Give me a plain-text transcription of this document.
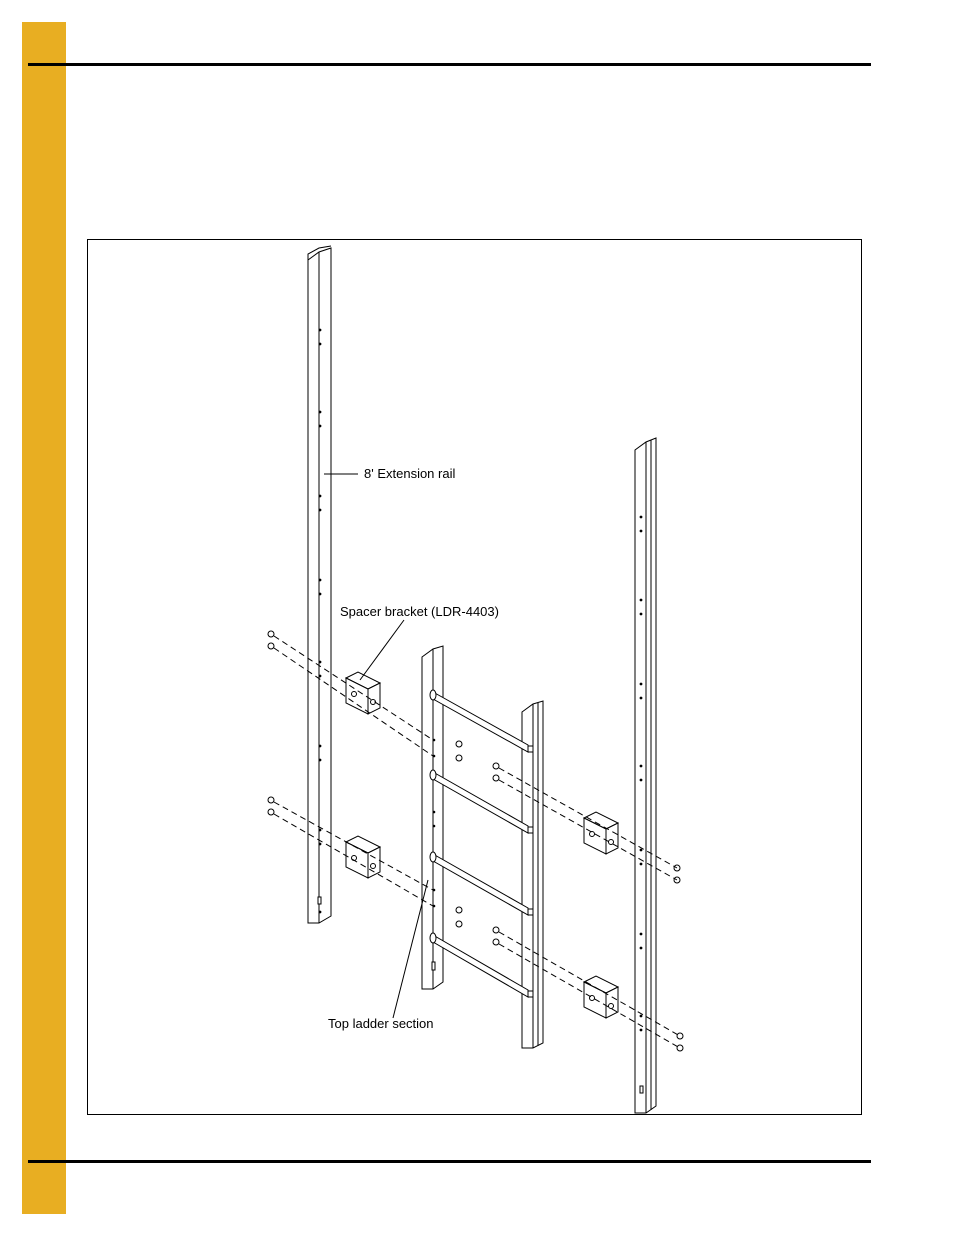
8' Extension rail
Spacer bracket (LDR-4403)
Top ladder section
